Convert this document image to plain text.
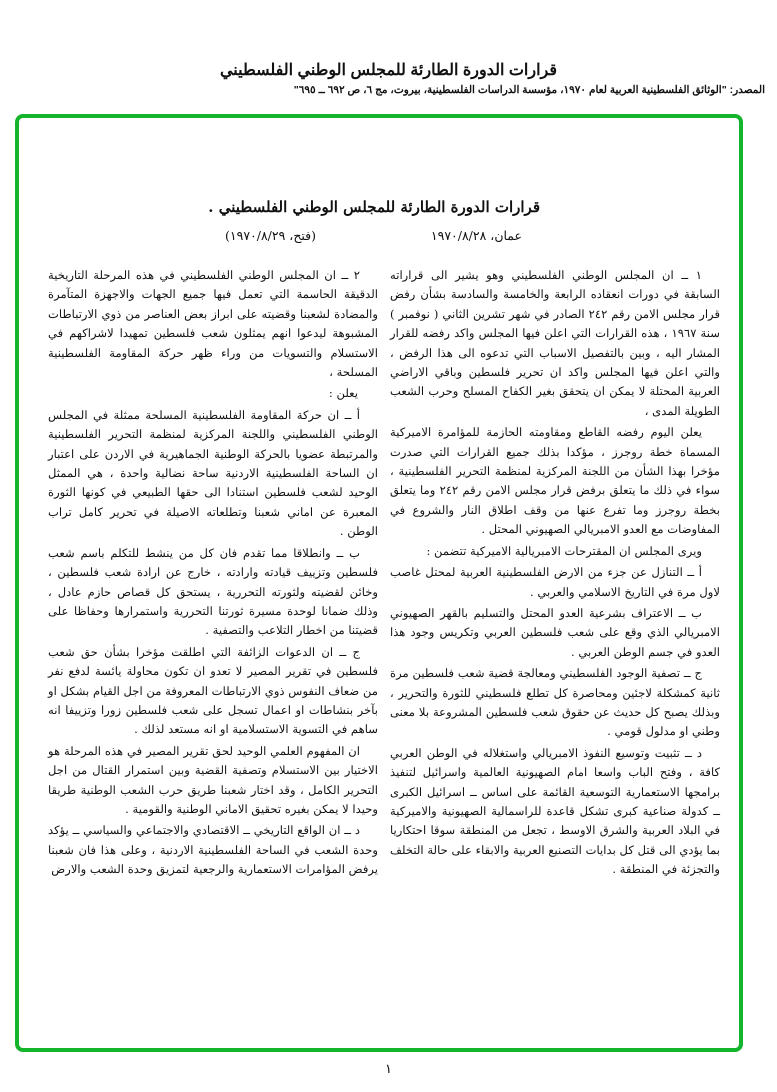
قرارات الدورة الطارئة للمجلس الوطني الفلسطيني
المصدر: "الوثائق الفلسطينية العربية لعام ١٩٧٠، مؤسسة الدراسات الفلسطينية، بيروت، مج ٦، ص ٦٩٢ ــ ٦٩٥"
قرارات الدورة الطارئة للمجلس الوطني الفلسطيني .
عمان، ١٩٧٠/٨/٢٨
(فتح، ١٩٧٠/٨/٢٩)

١ ــ ان المجلس الوطني الفلسطيني وهو يشير الى قراراته السابقة في دورات انعقاده الرابعة والخامسة والسادسة بشأن رفض قرار مجلس الامن رقم ٢٤٢ الصادر في شهر تشرين الثاني ( نوفمبر ) سنة ١٩٦٧ ، هذه القرارات التي اعلن فيها المجلس واكد رفضه للقرار المشار اليه ، وبين بالتفصيل الاسباب التي تدعوه الى هذا الرفض ، والتي اعلن فيها المجلس واكد ان تحرير فلسطين وباقي الاراضي العربية المحتلة لا يمكن ان يتحقق بغير الكفاح المسلح وحرب الشعب الطويلة المدى ،

يعلن اليوم رفضه القاطع ومقاومته الحازمة للمؤامرة الاميركية المسماة خطة روجرز ، مؤكدا بذلك جميع القرارات التي صدرت مؤخرا بهذا الشأن من اللجنة المركزية لمنظمة التحرير الفلسطينية ، سواء في ذلك ما يتعلق برفض قرار مجلس الامن رقم ٢٤٢ وما يتعلق بخطة روجرز وما تفرع عنها من وقف اطلاق النار والشروع في المفاوضات مع العدو الامبريالي الصهيوني المحتل .

ويرى المجلس ان المقترحات الامبريالية الاميركية تتضمن :

أ ــ التنازل عن جزء من الارض الفلسطينية العربية لمحتل غاصب لاول مرة في التاريخ الاسلامي والعربي .

ب ــ الاعتراف بشرعية العدو المحتل والتسليم بالقهر الصهيوني الامبريالي الذي وقع على شعب فلسطين العربي وتكريس وجود هذا العدو في جسم الوطن العربي .

ج ــ تصفية الوجود الفلسطيني ومعالجة قضية شعب فلسطين مرة ثانية كمشكلة لاجئين ومحاصرة كل تطلع فلسطيني للثورة والتحرير ، وبذلك يصبح كل حديث عن حقوق شعب فلسطين المشروعة بلا معنى وطني او مدلول قومي .

د ــ تثبيت وتوسيع النفوذ الامبريالي واستغلاله في الوطن العربي كافة ، وفتح الباب واسعا امام الصهيونية العالمية واسرائيل لتنفيذ برامجها الاستعمارية التوسعية القائمة على اساس ــ اسرائيل الكبرى ــ كدولة صناعية كبرى تشكل قاعدة للراسمالية الصهيونية والاميركية في البلاد العربية والشرق الاوسط ، تجعل من المنطقة سوقا احتكاريا بما يؤدي الى قتل كل بدايات التصنيع العربية والابقاء على حالة التخلف والتجزئة في المنطقة .

٢ ــ ان المجلس الوطني الفلسطيني في هذه المرحلة التاريخية الدقيقة الحاسمة التي تعمل فيها جميع الجهات والاجهزة المتآمرة والمضادة لشعبنا وقضيته على ابراز بعض العناصر من ذوي الارتباطات المشبوهة ليدعوا انهم يمثلون شعب فلسطين تمهيدا لاشراكهم في الاستسلام والتسويات من وراء ظهر حركة المقاومة الفلسطينية المسلحة ،

يعلن :

أ ــ ان حركة المقاومة الفلسطينية المسلحة ممثلة في المجلس الوطني الفلسطيني واللجنة المركزية لمنظمة التحرير الفلسطينية والمرتبطة عضويا بالحركة الوطنية الجماهيرية في الاردن على اعتبار ان الساحة الفلسطينية الاردنية ساحة نضالية واحدة ، هي الممثل الوحيد لشعب فلسطين استنادا الى حقها الطبيعي في كونها الثورة المعبرة عن اماني شعبنا وتطلعاته الاصيلة في تحرير كامل تراب الوطن .

ب ــ وانطلاقا مما تقدم فان كل من ينشط للتكلم باسم شعب فلسطين وتزييف قيادته وارادته ، خارج عن ارادة شعب فلسطين ، وخائن لقضيته ولثورته التحررية ، يستحق كل قصاص حازم عادل ، وذلك ضمانا لوحدة مسيرة ثورتنا التحررية واستمرارها وحفاظا على قضيتنا من اخطار التلاعب والتصفية .

ج ــ ان الدعوات الزائفة التي اطلقت مؤخرا بشأن حق شعب فلسطين في تقرير المصير لا تعدو ان تكون محاولة يائسة لدفع نفر من ضعاف النفوس ذوي الارتباطات المعروفة من اجل القيام بشكل او بآخر بنشاطات او اعمال تسجل على شعب فلسطين زورا وتزييفا انه ساهم في التسوية الاستسلامية او انه مستعد لذلك .

ان المفهوم العلمي الوحيد لحق تقرير المصير في هذه المرحلة هو الاختيار بين الاستسلام وتصفية القضية وبين استمرار القتال من اجل التحرير الكامل ، وقد اختار شعبنا طريق حرب الشعب الوطنية طريقا وحيدا لا يمكن بغيره تحقيق الاماني الوطنية والقومية .

د ــ ان الواقع التاريخي ــ الاقتصادي والاجتماعي والسياسي ــ يؤكد وحدة الشعب في الساحة الفلسطينية الاردنية ، وعلى هذا فان شعبنا يرفض المؤامرات الاستعمارية والرجعية لتمزيق وحدة الشعب والارض

١
